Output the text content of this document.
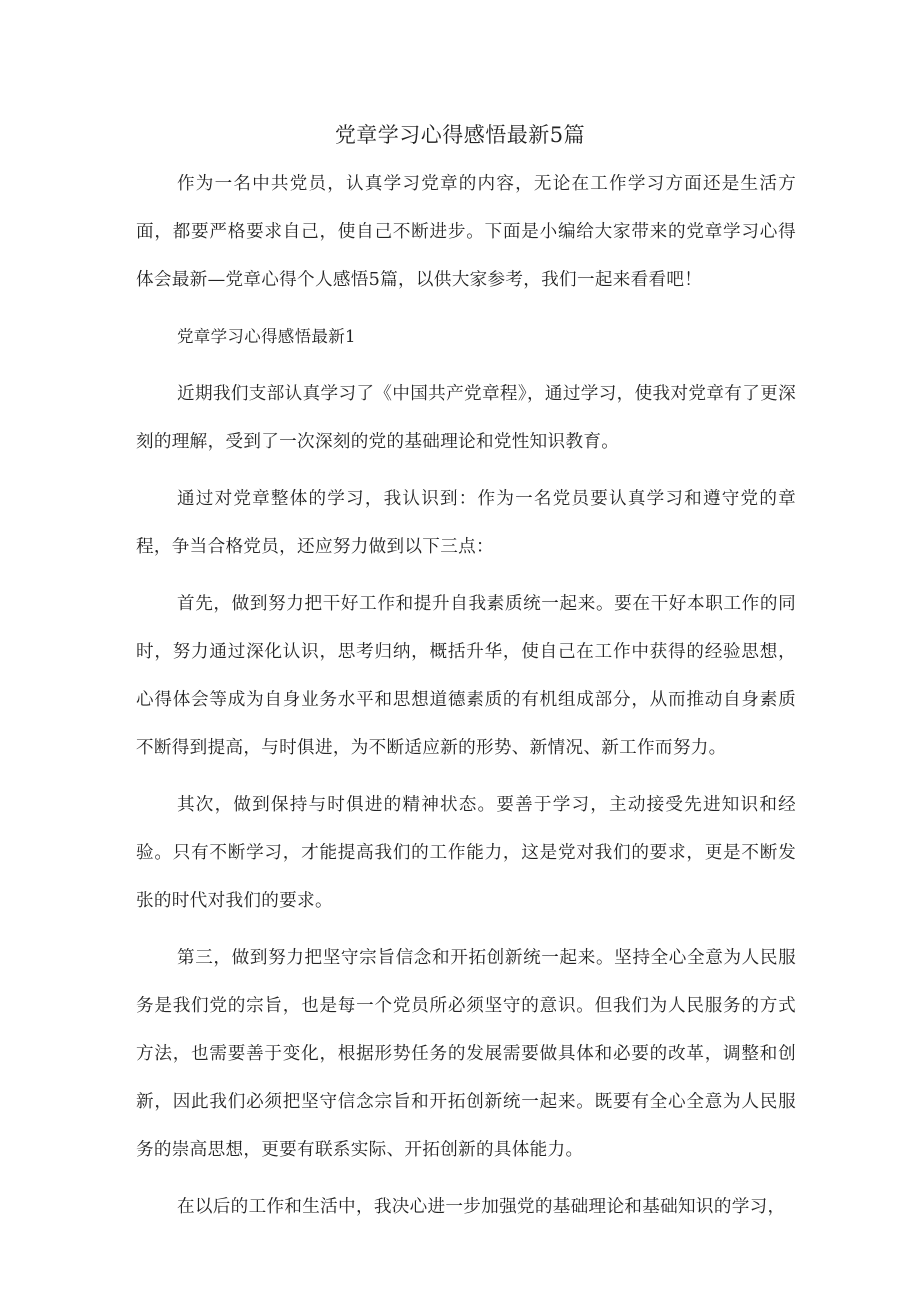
党章学习心得感悟最新5篇

作为一名中共党员，认真学习党章的内容，无论在工作学习方面还是生活方面，都要严格要求自己，使自己不断进步。下面是小编给大家带来的党章学习心得体会最新—党章心得个人感悟5篇，以供大家参考，我们一起来看看吧！

党章学习心得感悟最新1

近期我们支部认真学习了《中国共产党章程》，通过学习，使我对党章有了更深刻的理解，受到了一次深刻的党的基础理论和党性知识教育。

通过对党章整体的学习，我认识到：作为一名党员要认真学习和遵守党的章程，争当合格党员，还应努力做到以下三点：

首先，做到努力把干好工作和提升自我素质统一起来。要在干好本职工作的同时，努力通过深化认识，思考归纳，概括升华，使自己在工作中获得的经验思想，心得体会等成为自身业务水平和思想道德素质的有机组成部分，从而推动自身素质不断得到提高，与时俱进，为不断适应新的形势、新情况、新工作而努力。

其次，做到保持与时俱进的精神状态。要善于学习，主动接受先进知识和经验。只有不断学习，才能提高我们的工作能力，这是党对我们的要求，更是不断发张的时代对我们的要求。

第三，做到努力把坚守宗旨信念和开拓创新统一起来。坚持全心全意为人民服务是我们党的宗旨，也是每一个党员所必须坚守的意识。但我们为人民服务的方式方法，也需要善于变化，根据形势任务的发展需要做具体和必要的改革，调整和创新，因此我们必须把坚守信念宗旨和开拓创新统一起来。既要有全心全意为人民服务的崇高思想，更要有联系实际、开拓创新的具体能力。

在以后的工作和生活中，我决心进一步加强党的基础理论和基础知识的学习，
